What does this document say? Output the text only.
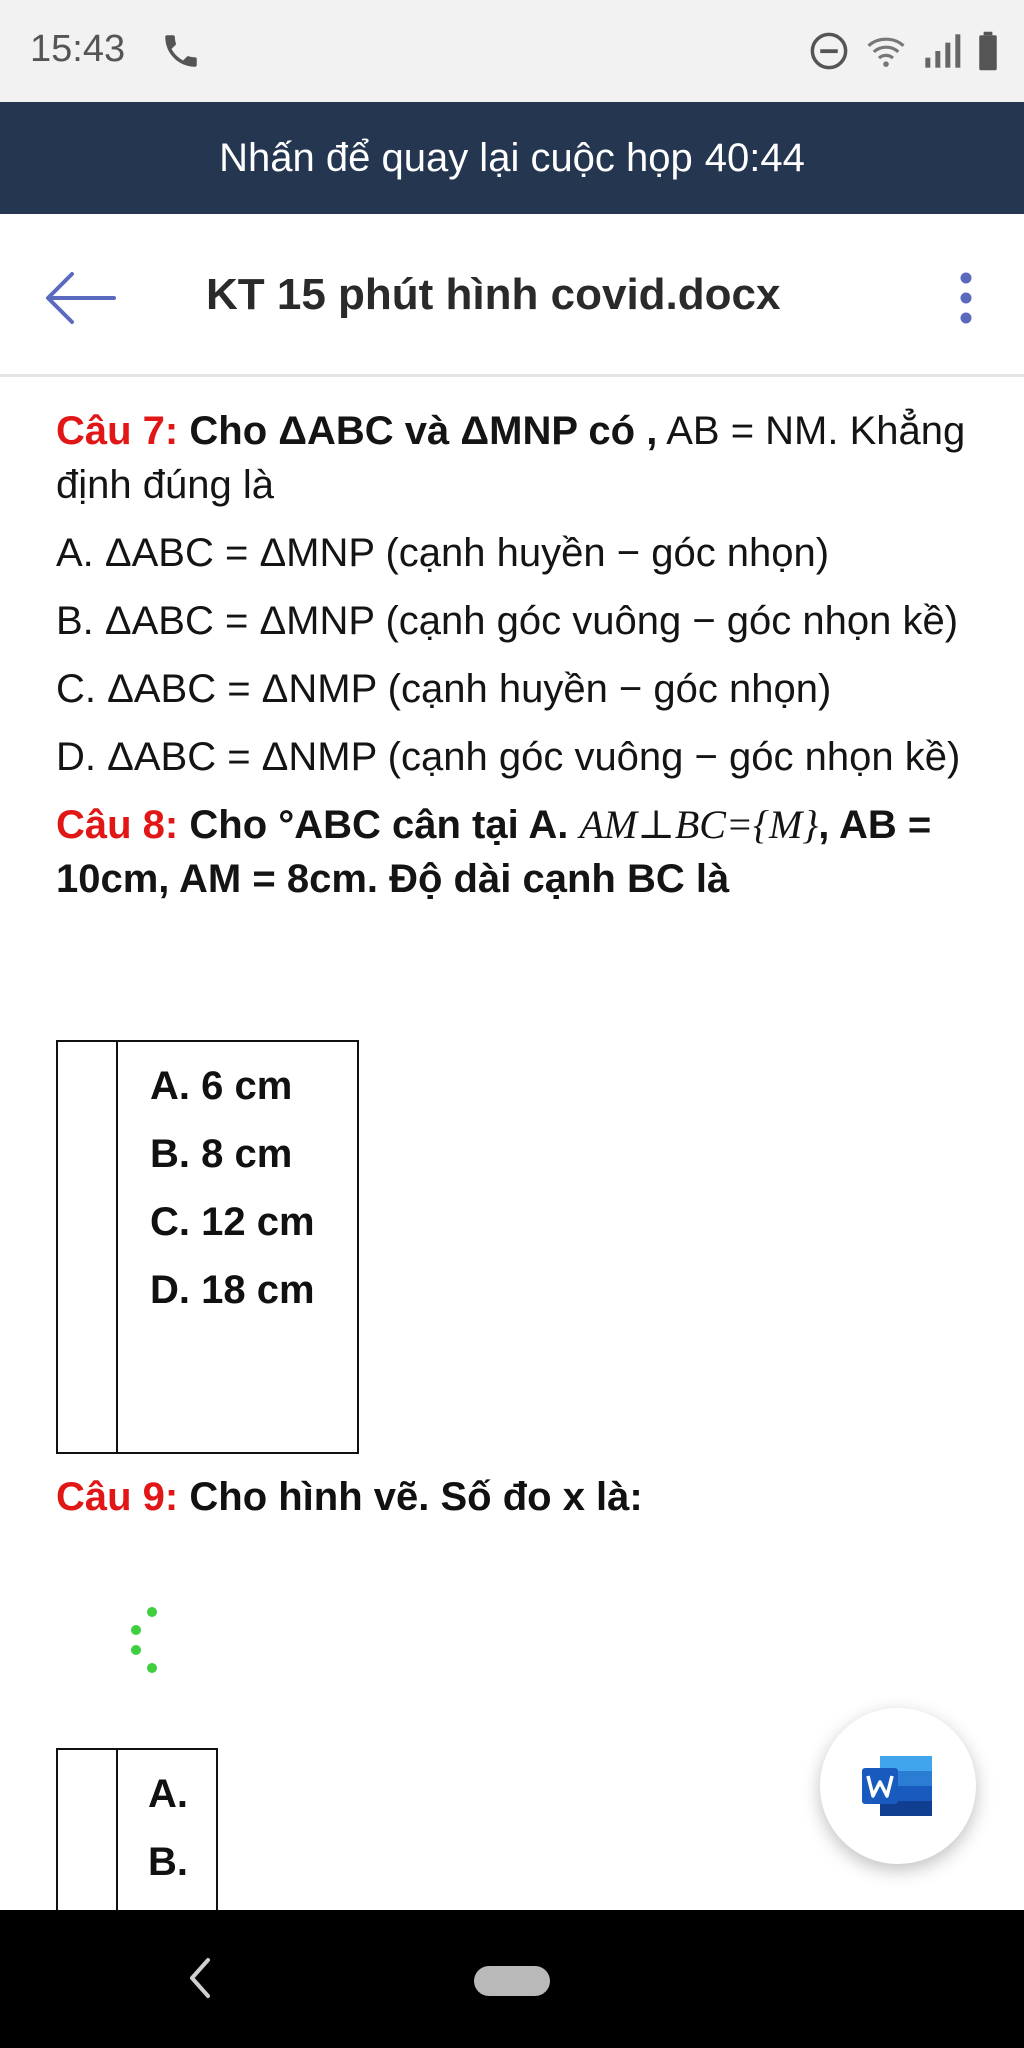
15:43
Nhấn để quay lại cuộc họp 40:44
KT 15 phút hình covid.docx
Câu 7: Cho ΔABC và ΔMNP có , AB = NM. Khẳng định đúng là
A. ΔABC = ΔMNP (cạnh huyền − góc nhọn)
B. ΔABC = ΔMNP (cạnh góc vuông − góc nhọn kề)
C. ΔABC = ΔNMP (cạnh huyền − góc nhọn)
D. ΔABC = ΔNMP (cạnh góc vuông − góc nhọn kề)
Câu 8: Cho °ABC cân tại A. AM⊥BC={M}, AB = 10cm, AM = 8cm. Độ dài cạnh BC là

A. 6 cm
B. 8 cm
C. 12 cm
D. 18 cm
Câu 9: Cho hình vẽ. Số đo x là:

A.
B.
